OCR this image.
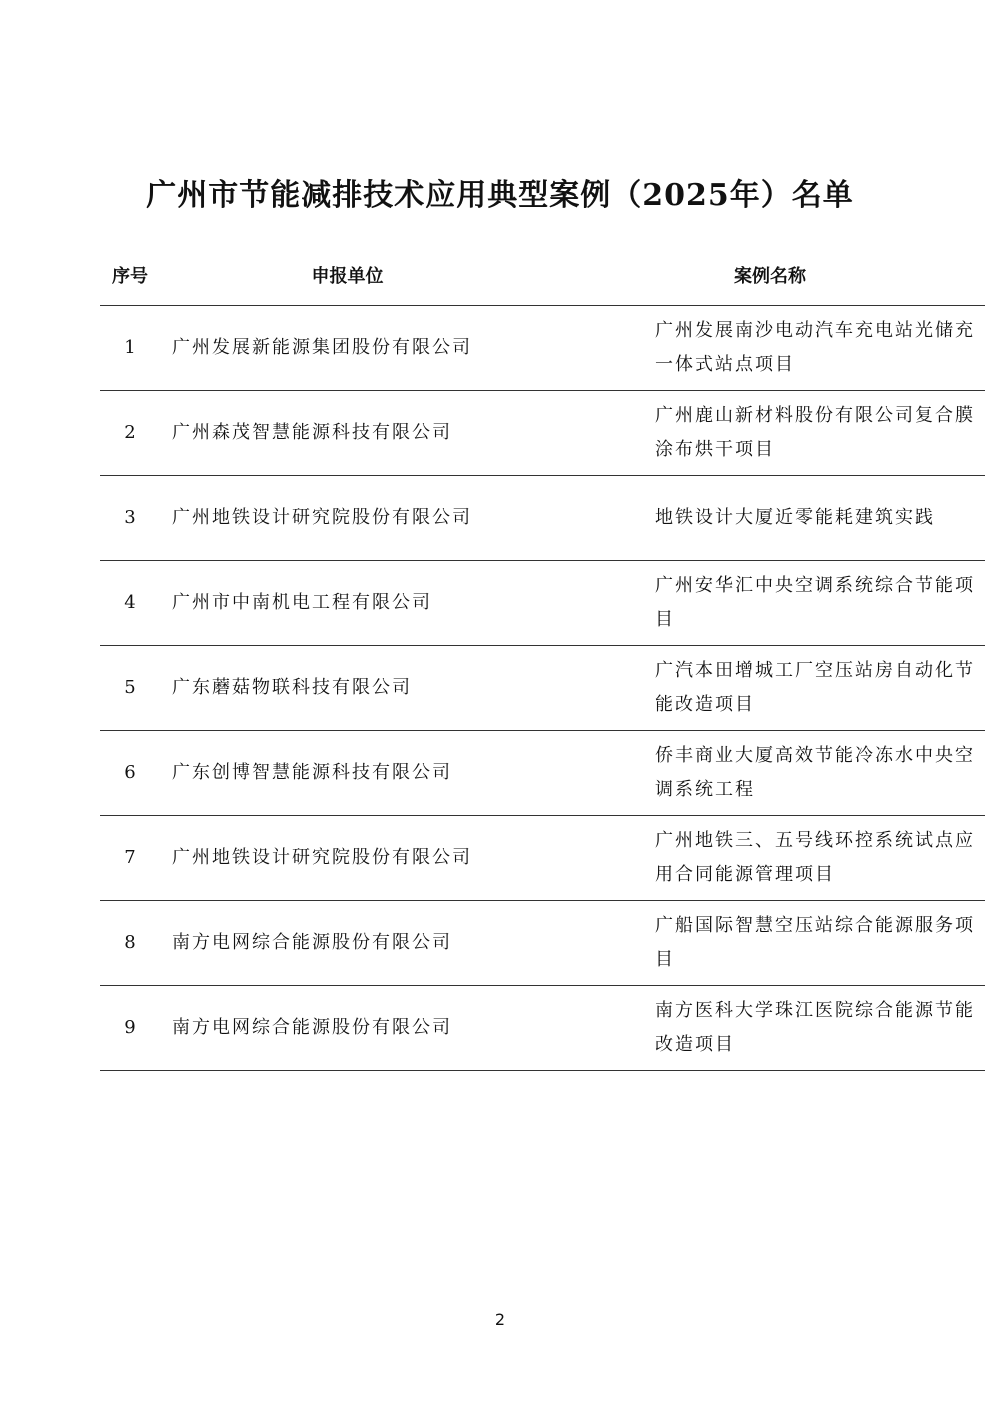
广州市节能减排技术应用典型案例（2025年）名单
序号	申报单位	案例名称
1	广州发展新能源集团股份有限公司	广州发展南沙电动汽车充电站光储充一体式站点项目
2	广州森茂智慧能源科技有限公司	广州鹿山新材料股份有限公司复合膜涂布烘干项目
3	广州地铁设计研究院股份有限公司	地铁设计大厦近零能耗建筑实践
4	广州市中南机电工程有限公司	广州安华汇中央空调系统综合节能项目
5	广东蘑菇物联科技有限公司	广汽本田增城工厂空压站房自动化节能改造项目
6	广东创博智慧能源科技有限公司	侨丰商业大厦高效节能冷冻水中央空调系统工程
7	广州地铁设计研究院股份有限公司	广州地铁三、五号线环控系统试点应用合同能源管理项目
8	南方电网综合能源股份有限公司	广船国际智慧空压站综合能源服务项目
9	南方电网综合能源股份有限公司	南方医科大学珠江医院综合能源节能改造项目
2
